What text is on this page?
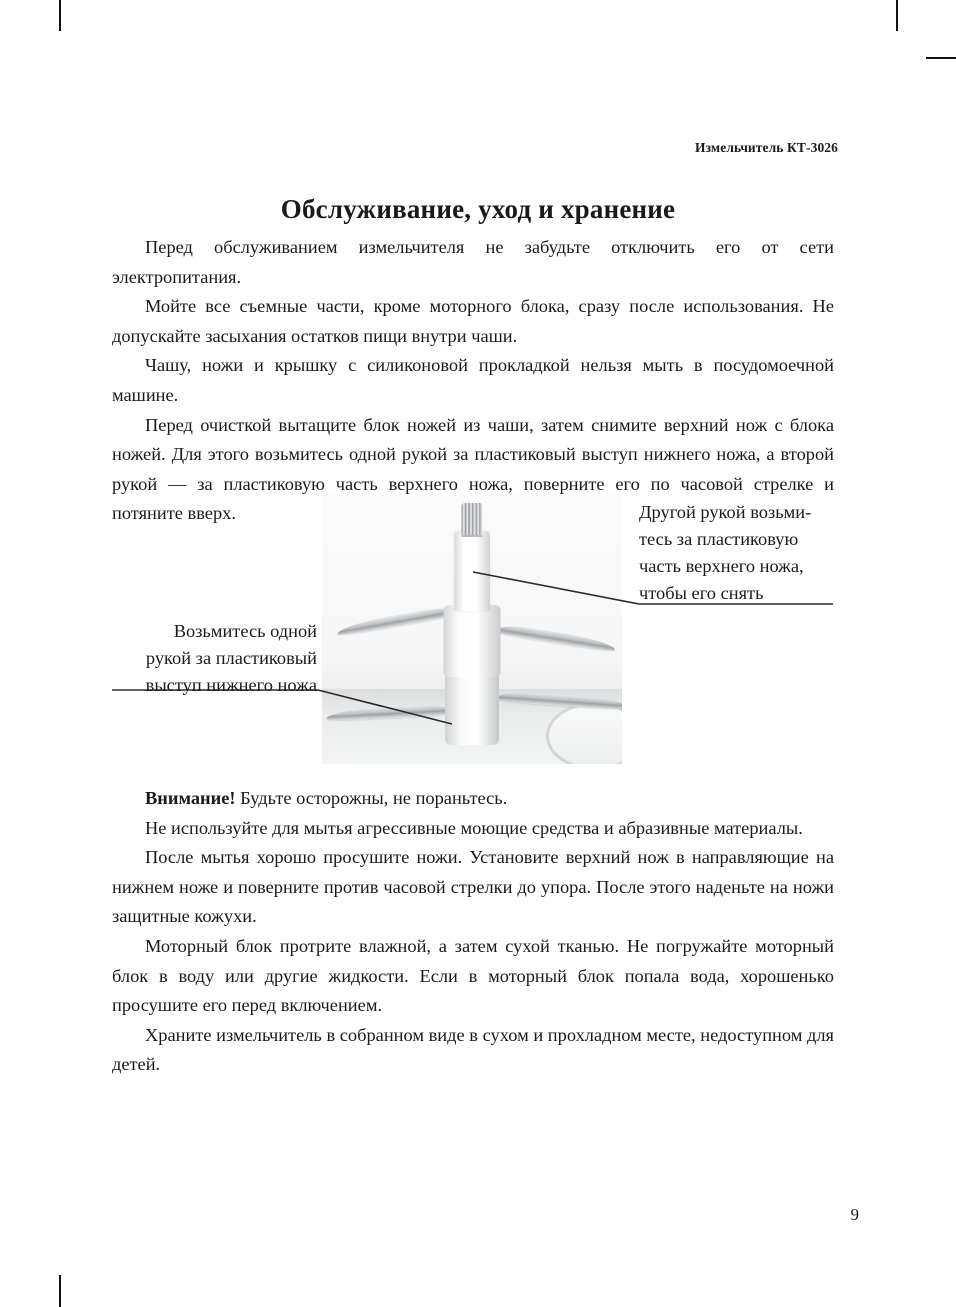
Измельчитель КТ-3026
Обслуживание, уход и хранение

Перед обслуживанием измельчителя не забудьте отключить его от сети электропитания.

Мойте все съемные части, кроме моторного блока, сразу после использования. Не допускайте засыхания остатков пищи внутри чаши.

Чашу, ножи и крышку с силиконовой прокладкой нельзя мыть в посудомоечной машине.

Перед очисткой вытащите блок ножей из чаши, затем снимите верхний нож с блока ножей. Для этого возьмитесь одной рукой за пластиковый выступ нижнего ножа, а второй рукой — за пластиковую часть верхнего ножа, поверните его по часовой стрелке и потяните вверх.	Другой рукой возьми-
тесь за пластиковую
часть верхнего ножа,
чтобы его снять
Возьмитесь одной
рукой за пластиковый
выступ нижнего ножа

Внимание! Будьте осторожны, не пораньтесь.

Не используйте для мытья агрессивные моющие средства и абразивные материалы.

После мытья хорошо просушите ножи. Установите верхний нож в направляющие на нижнем ноже и поверните против часовой стрелки до упора. После этого наденьте на ножи защитные кожухи.

Моторный блок протрите влажной, а затем сухой тканью. Не погружайте моторный блок в воду или другие жидкости. Если в моторный блок попала вода, хорошенько просушите его перед включением.

Храните измельчитель в собранном виде в сухом и прохладном месте, недоступном для детей.

9
